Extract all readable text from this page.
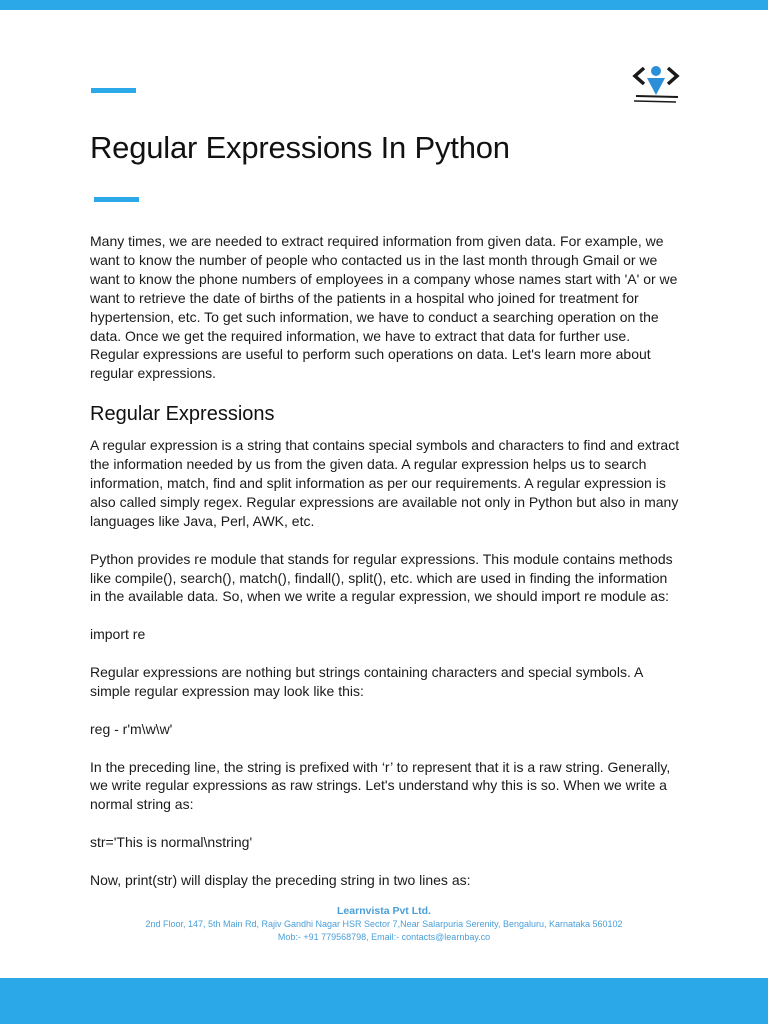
Regular Expressions In Python

Many times, we are needed to extract required information from given data. For example, we want to know the number of people who contacted us in the last month through Gmail or we want to know the phone numbers of employees in a company whose names start with 'A' or we want to retrieve the date of births of the patients in a hospital who joined for treatment for hypertension, etc. To get such information, we have to conduct a searching operation on the data. Once we get the required information, we have to extract that data for further use. Regular expressions are useful to perform such operations on data. Let's learn more about regular expressions.

Regular Expressions

A regular expression is a string that contains special symbols and characters to find and extract the information needed by us from the given data. A regular expression helps us to search information, match, find and split information as per our requirements. A regular expression is also called simply regex. Regular expressions are available not only in Python but also in many languages like Java, Perl, AWK, etc.

Python provides re module that stands for regular expressions. This module contains methods like compile(), search(), match(), findall(), split(), etc. which are used in finding the information in the available data. So, when we write a regular expression, we should import re module as:

import re

Regular expressions are nothing but strings containing characters and special symbols. A simple regular expression may look like this:

reg - r'm\w\w'

In the preceding line, the string is prefixed with ‘r’ to represent that it is a raw string. Generally, we write regular expressions as raw strings. Let's understand why this is so. When we write a normal string as:

str='This is normal\nstring'

Now, print(str) will display the preceding string in two lines as:

Learnvista Pvt Ltd.
2nd Floor, 147, 5th Main Rd, Rajiv Gandhi Nagar HSR Sector 7,Near Salarpuria Serenity, Bengaluru, Karnataka 560102
Mob:- +91 779568798, Email:- contacts@learnbay.co
